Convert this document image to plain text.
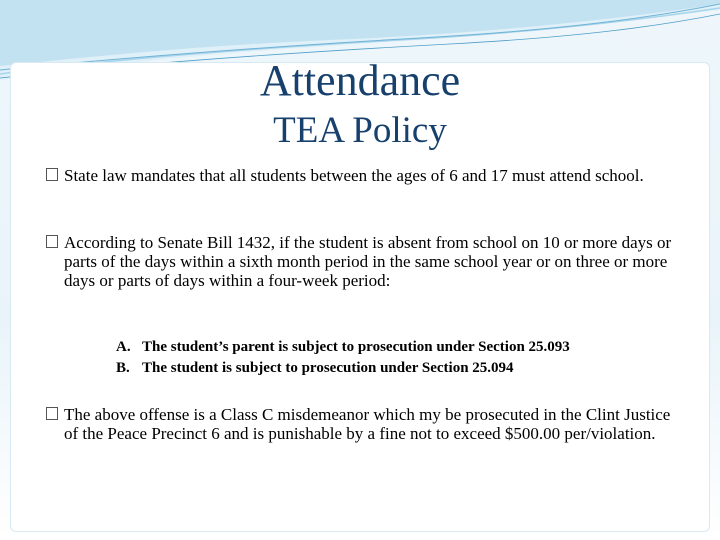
Attendance
TEA Policy
State law mandates that all students between the ages of 6 and 17 must attend school.
According to Senate Bill 1432, if the student is absent from school on 10 or more days or parts of the days within a sixth month period in the same school year or on three or more days or parts of days within a four-week period:
A. The student’s parent is subject to prosecution under Section 25.093
B. The student is subject to prosecution under Section 25.094
The above offense is a Class C misdemeanor which my be prosecuted in the Clint Justice of the Peace Precinct 6 and is punishable by a fine not to exceed $500.00 per/violation.
